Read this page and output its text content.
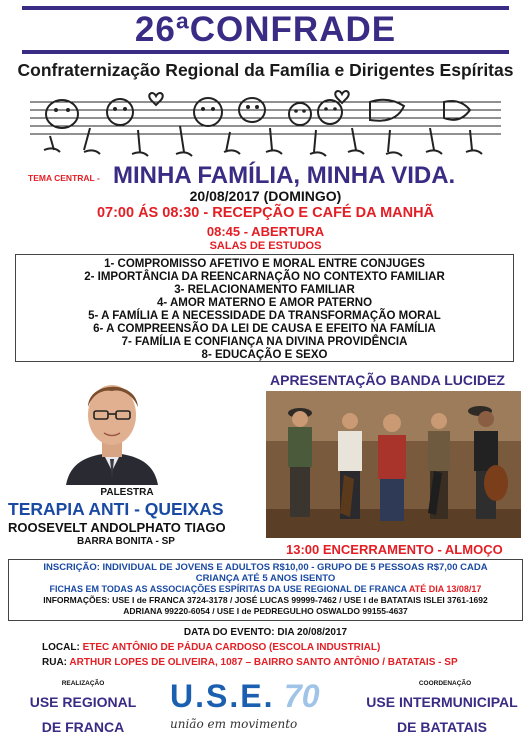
26ªCONFRADE
Confraternização Regional da Família e Dirigentes Espíritas
TEMA CENTRAL - MINHA FAMÍLIA, MINHA VIDA.
20/08/2017 (DOMINGO)
07:00 ÁS 08:30 - RECEPÇÃO E CAFÉ DA MANHÃ
08:45 - ABERTURA
SALAS DE ESTUDOS
1- COMPROMISSO AFETIVO E MORAL ENTRE CONJUGES
2- IMPORTÂNCIA DA REENCARNAÇÃO NO CONTEXTO FAMILIAR
3- RELACIONAMENTO FAMILIAR
4- AMOR MATERNO E AMOR PATERNO
5- A FAMÍLIA E A NECESSIDADE DA TRANSFORMAÇÃO MORAL
6- A COMPREENSÃO DA LEI DE CAUSA E EFEITO NA FAMÍLIA
7- FAMÍLIA E CONFIANÇA NA DIVINA PROVIDÊNCIA
8- EDUCAÇÃO E SEXO
PALESTRA
TERAPIA ANTI - QUEIXAS
ROOSEVELT ANDOLPHATO TIAGO
BARRA BONITA - SP
APRESENTAÇÃO BANDA LUCIDEZ
13:00 ENCERRAMENTO - ALMOÇO
INSCRIÇÃO: INDIVIDUAL DE JOVENS E ADULTOS R$10,00 - GRUPO DE 5 PESSOAS R$7,00 CADA
CRIANÇA ATÉ 5 ANOS ISENTO
FICHAS EM TODAS AS ASSOCIAÇÕES ESPÍRITAS DA USE REGIONAL DE FRANCA ATÉ DIA 13/08/17
INFORMAÇÕES: USE I de FRANCA 3724-3178 / JOSÉ LUCAS 99999-7462 / USE I de BATATAIS ISLEI 3761-1692
ADRIANA 99220-6054 / USE I de PEDREGULHO OSWALDO 99155-4637
DATA DO EVENTO: DIA 20/08/2017
LOCAL: ETEC ANTÔNIO DE PÁDUA CARDOSO (ESCOLA INDUSTRIAL)
RUA: ARTHUR LOPES DE OLIVEIRA, 1087 – BAIRRO SANTO ANTÔNIO / BATATAIS - SP
REALIZAÇÃO
USE REGIONAL
DE FRANCA
U.S.E. 70
união em movimento
COORDENAÇÃO
USE INTERMUNICIPAL
DE BATATAIS
